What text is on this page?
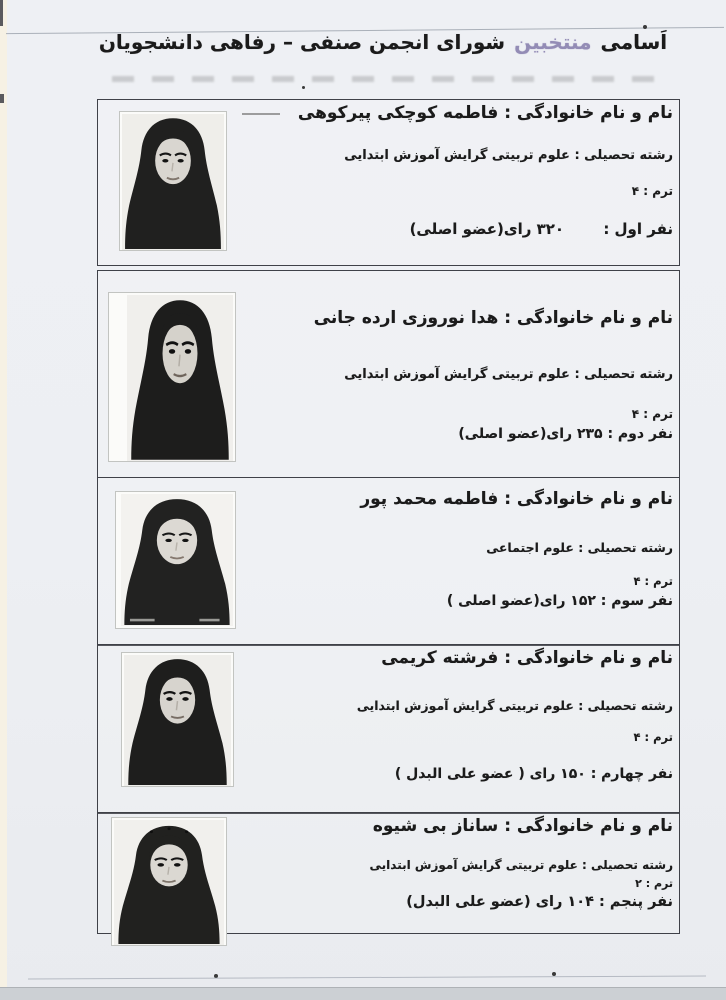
اَسامی منتخبین شورای انجمن صنفی – رفاهی دانشجویان
نام و نام خانوادگی : فاطمه کوچکی پیرکوهی
رشته تحصیلی : علوم تربیتی گرایش آموزش ابتدایی
ترم : ۴
نفر اول : ۳۲۰ رای(عضو اصلی)
نام و نام خانوادگی : هدا نوروزی ارده جانی
رشته تحصیلی : علوم تربیتی گرایش آموزش ابتدایی
ترم : ۴
نفر دوم : ۲۳۵ رای(عضو اصلی)
نام و نام خانوادگی : فاطمه محمد پور
رشته تحصیلی : علوم اجتماعی
ترم : ۴
نفر سوم : ۱۵۲ رای(عضو اصلی )
نام و نام خانوادگی : فرشته کریمی
رشته تحصیلی : علوم تربیتی گرایش آموزش ابتدایی
ترم : ۴
نفر چهارم : ۱۵۰ رای ( عضو علی البدل )
نام و نام خانوادگی : ساناز بی شیوه
رشته تحصیلی : علوم تربیتی گرایش آموزش ابتدایی
ترم : ۲
نفر پنجم : ۱۰۴ رای (عضو علی البدل)
